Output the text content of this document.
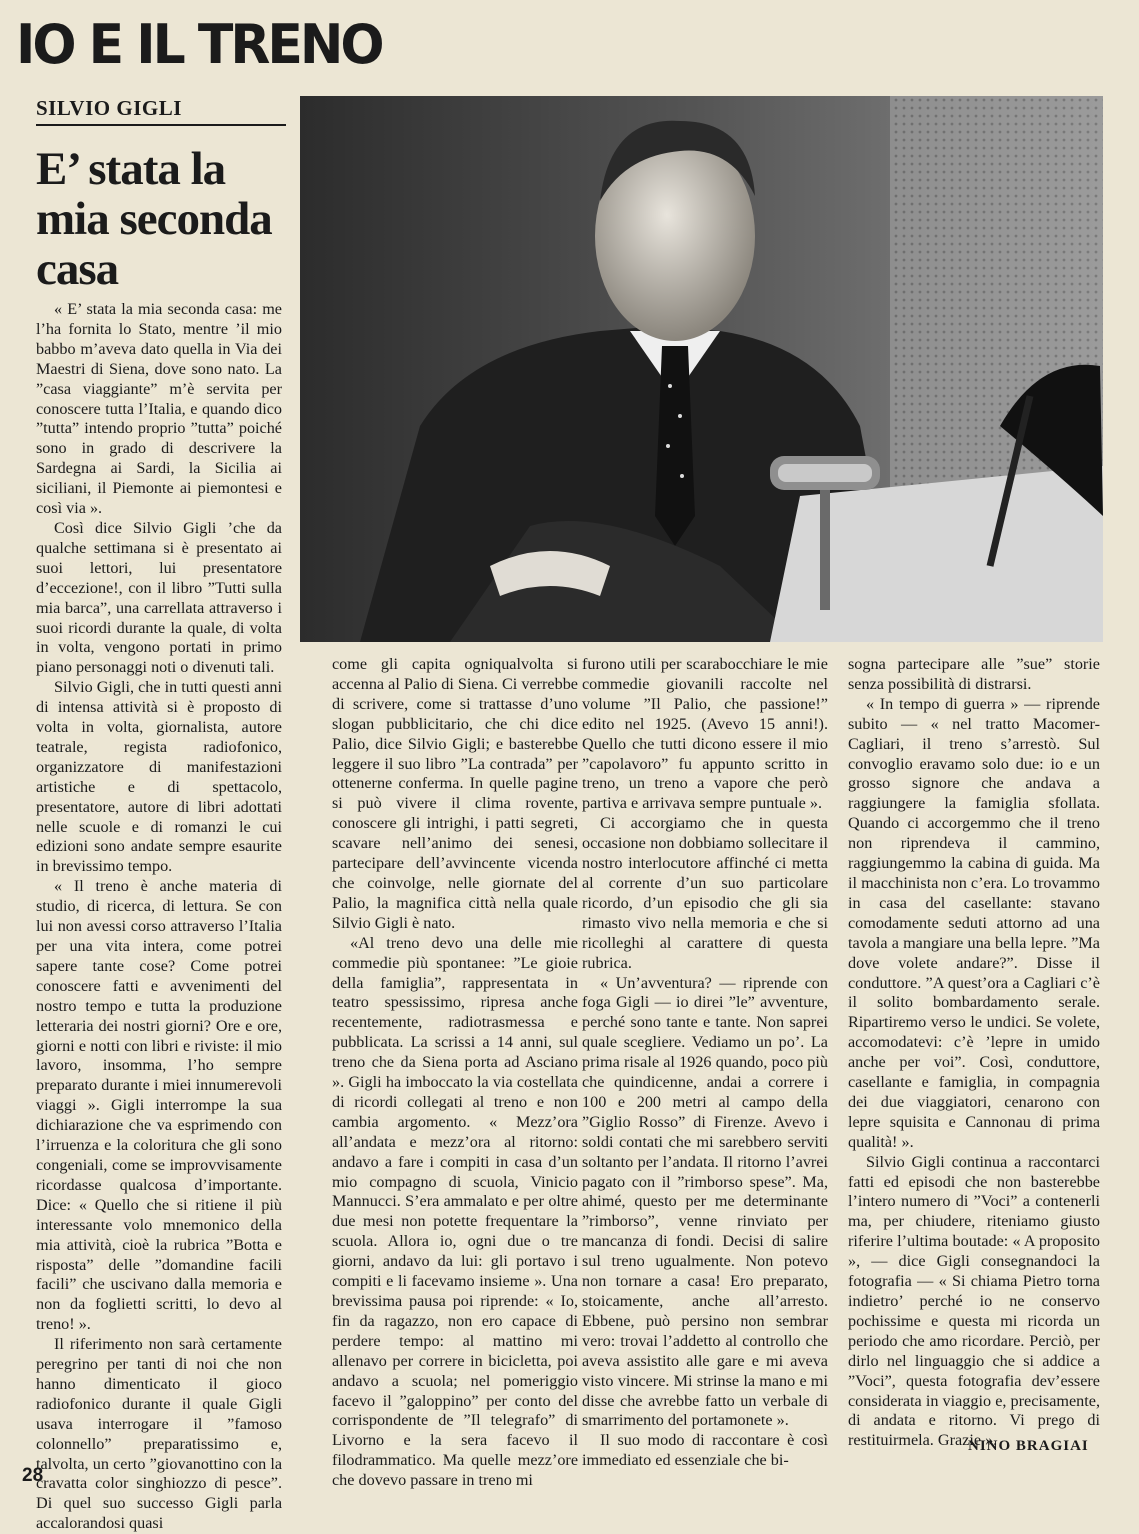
IO E IL TRENO
SILVIO GIGLI
E’ stata la
mia seconda
casa

« E’ stata la mia seconda casa: me l’ha fornita lo Stato, mentre ’il mio babbo m’aveva dato quella in Via dei Maestri di Siena, dove sono nato. La ”casa viaggiante” m’è servita per conoscere tutta l’Italia, e quando dico ”tutta” intendo proprio ”tutta” poiché sono in grado di descrivere la Sardegna ai Sardi, la Sicilia ai siciliani, il Piemonte ai piemontesi e così via ».

Così dice Silvio Gigli ’che da qualche settimana si è presentato ai suoi lettori, lui presentatore d’eccezione!, con il libro ”Tutti sulla mia barca”, una carrellata attraverso i suoi ricordi durante la quale, di volta in volta, vengono portati in primo piano personaggi noti o divenuti tali.

Silvio Gigli, che in tutti questi anni di intensa attività si è proposto di volta in volta, giornalista, autore teatrale, regista radiofonico, organizzatore di manifestazioni artistiche e di spettacolo, presentatore, autore di libri adottati nelle scuole e di romanzi le cui edizioni sono andate sempre esaurite in brevissimo tempo.

« Il treno è anche materia di studio, di ricerca, di lettura. Se con lui non avessi corso attraverso l’Italia per una vita intera, come potrei sapere tante cose? Come potrei conoscere fatti e avvenimenti del nostro tempo e tutta la produzione letteraria dei nostri giorni? Ore e ore, giorni e notti con libri e riviste: il mio lavoro, insomma, l’ho sempre preparato durante i miei innumerevoli viaggi ». Gigli interrompe la sua dichiarazione che va esprimendo con l’irruenza e la coloritura che gli sono congeniali, come se improvvisamente ricordasse qualcosa d’importante. Dice: « Quello che si ritiene il più interessante volo mnemonico della mia attività, cioè la rubrica ”Botta e risposta” delle ”domandine facili facili” che uscivano dalla memoria e non da foglietti scritti, lo devo al treno! ».

Il riferimento non sarà certamente peregrino per tanti di noi che non hanno dimenticato il gioco radiofonico durante il quale Gigli usava interrogare il ”famoso colonnello” preparatissimo e, talvolta, un certo ”giovanottino con la cravatta color singhiozzo di pesce”. Di quel suo successo Gigli parla accalorandosi quasi

come gli capita ogniqualvolta si accenna al Palio di Siena. Ci verrebbe di scrivere, come si trattasse d’uno slogan pubblicitario, che chi dice Palio, dice Silvio Gigli; e basterebbe leggere il suo libro ”La contrada” per ottenerne conferma. In quelle pagine si può vivere il clima rovente, conoscere gli intrighi, i patti segreti, scavare nell’animo dei senesi, partecipare dell’avvincente vicenda che coinvolge, nelle giornate del Palio, la magnifica città nella quale Silvio Gigli è nato.

«Al treno devo una delle mie commedie più spontanee: ”Le gioie della famiglia”, rappresentata in teatro spessissimo, ripresa anche recentemente, radiotrasmessa e pubblicata. La scrissi a 14 anni, sul treno che da Siena porta ad Asciano ». Gigli ha imboccato la via costellata di ricordi collegati al treno e non cambia argomento. « Mezz’ora all’andata e mezz’ora al ritorno: andavo a fare i compiti in casa d’un mio compagno di scuola, Vinicio Mannucci. S’era ammalato e per oltre due mesi non potette frequentare la scuola. Allora io, ogni due o tre giorni, andavo da lui: gli portavo i compiti e li facevamo insieme ». Una brevissima pausa poi riprende: « Io, fin da ragazzo, non ero capace di perdere tempo: al mattino mi allenavo per correre in bicicletta, poi andavo a scuola; nel pomeriggio facevo il ”galoppino” per conto del corrispondente de ”Il telegrafo” di Livorno e la sera facevo il filodrammatico. Ma quelle mezz’ore che dovevo passare in treno mi

furono utili per scarabocchiare le mie commedie giovanili raccolte nel volume ”Il Palio, che passione!” edito nel 1925. (Avevo 15 anni!). Quello che tutti dicono essere il mio ”capolavoro” fu appunto scritto in treno, un treno a vapore che però partiva e arrivava sempre puntuale ».

Ci accorgiamo che in questa occasione non dobbiamo sollecitare il nostro interlocutore affinché ci metta al corrente d’un suo particolare ricordo, d’un episodio che gli sia rimasto vivo nella memoria e che si ricolleghi al carattere di questa rubrica.

« Un’avventura? — riprende con foga Gigli — io direi ”le” avventure, perché sono tante e tante. Non saprei quale scegliere. Vediamo un po’. La prima risale al 1926 quando, poco più che quindicenne, andai a correre i 100 e 200 metri al campo della ”Giglio Rosso” di Firenze. Avevo i soldi contati che mi sarebbero serviti soltanto per l’andata. Il ritorno l’avrei pagato con il ”rimborso spese”. Ma, ahimé, questo per me determinante ”rimborso”, venne rinviato per mancanza di fondi. Decisi di salire sul treno ugualmente. Non potevo non tornare a casa! Ero preparato, stoicamente, anche all’arresto. Ebbene, può persino non sembrar vero: trovai l’addetto al controllo che aveva assistito alle gare e mi aveva visto vincere. Mi strinse la mano e mi disse che avrebbe fatto un verbale di smarrimento del portamonete ».

Il suo modo di raccontare è così immediato ed essenziale che bi-

sogna partecipare alle ”sue” storie senza possibilità di distrarsi.

« In tempo di guerra » — riprende subito — « nel tratto Macomer-Cagliari, il treno s’arrestò. Sul convoglio eravamo solo due: io e un grosso signore che andava a raggiungere la famiglia sfollata. Quando ci accorgemmo che il treno non riprendeva il cammino, raggiungemmo la cabina di guida. Ma il macchinista non c’era. Lo trovammo in casa del casellante: stavano comodamente seduti attorno ad una tavola a mangiare una bella lepre. ”Ma dove volete andare?”. Disse il conduttore. ”A quest’ora a Cagliari c’è il solito bombardamento serale. Ripartiremo verso le undici. Se volete, accomodatevi: c’è ’lepre in umido anche per voi”. Così, conduttore, casellante e famiglia, in compagnia dei due viaggiatori, cenarono con lepre squisita e Cannonau di prima qualità! ».

Silvio Gigli continua a raccontarci fatti ed episodi che non basterebbe l’intero numero di ”Voci” a contenerli ma, per chiudere, riteniamo giusto riferire l’ultima boutade: « A proposito », — dice Gigli consegnandoci la fotografia — « Si chiama Pietro torna indietro’ perché io ne conservo pochissime e questa mi ricorda un periodo che amo ricordare. Perciò, per dirlo nel linguaggio che si addice a ”Voci”, questa fotografia dev’essere considerata in viaggio e, precisamente, di andata e ritorno. Vi prego di restituirmela. Grazie ».

NINO BRAGIAI
28
